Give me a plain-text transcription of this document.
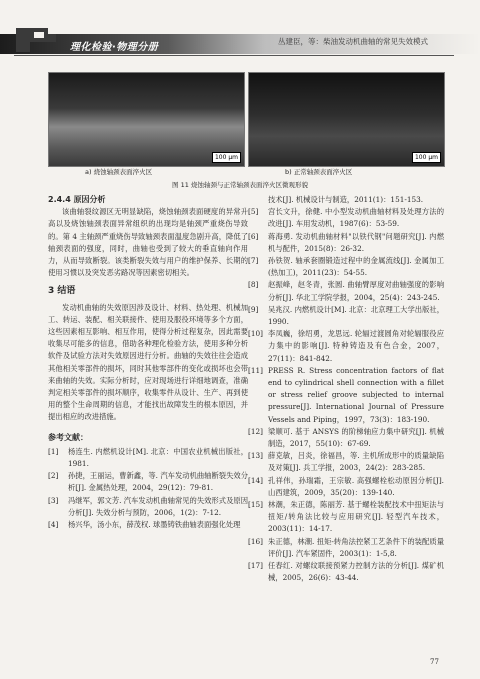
理化检验·物理分册
丛建臣，等：柴油发动机曲轴的常见失效模式
100 μm	100 μm
a) 烧蚀轴颈表面淬火区	b) 正常轴颈表面淬火区
图 11 烧蚀轴颈与正常轴颈表面淬火区微观形貌

2.4.4 原因分析

该曲轴裂纹源区无明显缺陷，烧蚀轴颈表面硬度的异常升高以及烧蚀轴颈表面异常组织的出现均是轴颈严重烧伤导致的。第 4 主轴颈严重烧伤导致轴颈表面温度急剧升高，降低了轴颈表面的强度，同时，曲轴也受到了较大的垂直轴向作用力，从而导致断裂。该类断裂失效与用户的维护保养、长期的使用习惯以及突发恶劣路况等因素密切相关。

3 结语

发动机曲轴的失效原因涉及设计、材料、热处理、机械加工、转运、装配、相关联接件、使用及服役环境等多个方面，这些因素相互影响、相互作用，使得分析过程复杂，因此需要收集尽可能多的信息，借助各种理化检验方法，使用多种分析软件及试验方法对失效原因进行分析。曲轴的失效往往会造成其他相关零部件的损坏，同时其他零部件的变化或损坏也会带来曲轴的失效。实际分析时，应对现场进行详细地调查，准确判定相关零部件的损坏顺序，收集零件从设计、生产、再到使用的整个生命周期的信息，才能找出故障发生的根本原因，并提出相应的改进措施。

参考文献：

[1]	杨连生. 内燃机设计[M]. 北京：中国农业机械出版社，1981.
[2]	孙捷，王丽运，曹新鑫，等. 汽车发动机曲轴断裂失效分析[J]. 金属热处理，2004，29(12)：79-81.
[3]	冯继军，郭文芳. 汽车发动机曲轴常见的失效形式及原因分析[J]. 失效分析与预防，2006，1(2)：7-12.
[4]	杨兴华，汤小东，薛茂权. 球墨铸铁曲轴表面强化处理
技术[J]. 机械设计与制造，2011(1)：151-153.
[5]	宫长文升，徐健. 中小型发动机曲轴材料及处理方法的改进[J]. 车用发动机，1987(6)：53-59.
[6]	蒋海勇. 发动机曲轴材料"以铁代钢"问题研究[J]. 内燃机与配件，2015(8)：26-32.
[7]	孙铁贺. 轴承套圈锻造过程中的金属流线[J]. 金属加工(热加工)，2011(23)：54-55.
[8]	赵振峰，赵冬青，张圆. 曲轴臂厚度对曲轴强度的影响分析[J]. 华北工学院学报，2004，25(4)：243-245.
[9]	吴兆汉. 内燃机设计[M]. 北京：北京理工大学出版社，1990.
[10] 李凤巍，徐绍勇，龙思远. 轮辐过渡圆角对轮辐服役应力集中的影响[J]. 特种铸造及有色合金，2007，27(11)：841-842.
[11] PRESS R. Stress concentration factors of flat end to cylindrical shell connection with a fillet or stress relief groove subjected to internal pressure[J]. International Journal of Pressure Vessels and Piping，1997，73(3)：183-190.
[12] 梁顺可. 基于 ANSYS 的阶梯轴应力集中研究[J]. 机械制造，2017，55(10)：67-69.
[13] 薛克敏，吕炎，徐福昌，等. 主机所成形中的质量缺陷及对策[J]. 兵工学报，2003，24(2)：283-285.
[14] 孔祥伟，孙瑞霜，王宗敏. 高强螺栓松动原因分析[J]. 山西建筑，2009，35(20)：139-140.
[15] 林潮，朱正德，陈丽芳. 基于螺栓装配技术中扭矩法与扭矩/转角法比较与应用研究[J]. 轻型汽车技术，2003(11)：14-17.
[16] 朱正德，林潮. 扭矩-转角法控紧工艺条件下的装配质量评价[J]. 汽车紧固件，2003(1)：1-5,8.
[17] 任春红. 对螺纹联接预紧力控制方法的分析[J]. 煤矿机械，2005，26(6)：43-44.
77
